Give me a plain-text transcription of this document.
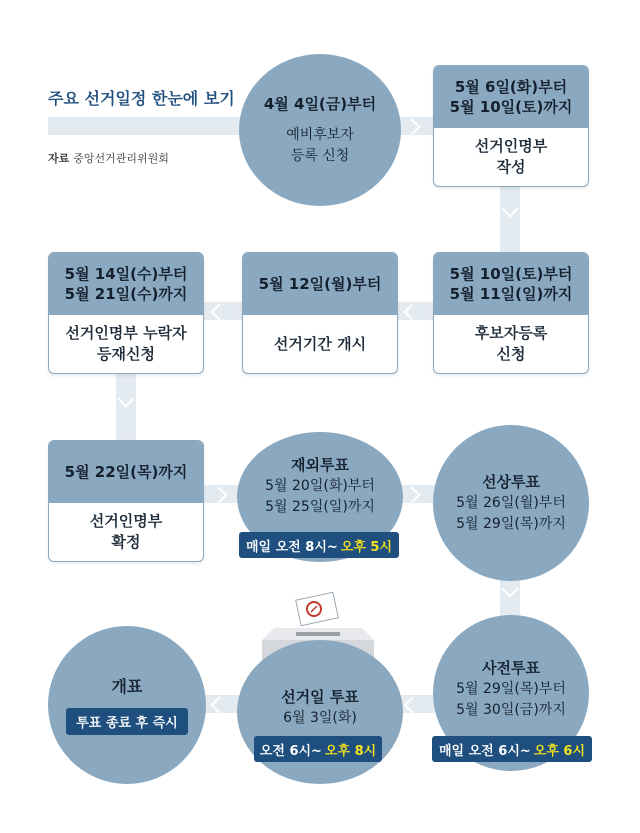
주요 선거일정 한눈에 보기
자료 중앙선거관리위원회
4월 4일(금)부터
예비후보자
등록 신청
5월 6일(화)부터
5월 10일(토)까지
선거인명부
작성
5월 14일(수)부터
5월 21일(수)까지
선거인명부 누락자
등재신청
5월 12일(월)부터
선거기간 개시
5월 10일(토)부터
5월 11일(일)까지
후보자등록
신청
5월 22일(목)까지
선거인명부
확정
재외투표
5월 20일(화)부터
5월 25일(일)까지
매일 오전 8시~ 오후 5시
선상투표
5월 26일(월)부터
5월 29일(목)까지
개표
투표 종료 후 즉시
선거일 투표
6월 3일(화)
오전 6시~ 오후 8시
사전투표
5월 29일(목)부터
5월 30일(금)까지
매일 오전 6시~ 오후 6시
